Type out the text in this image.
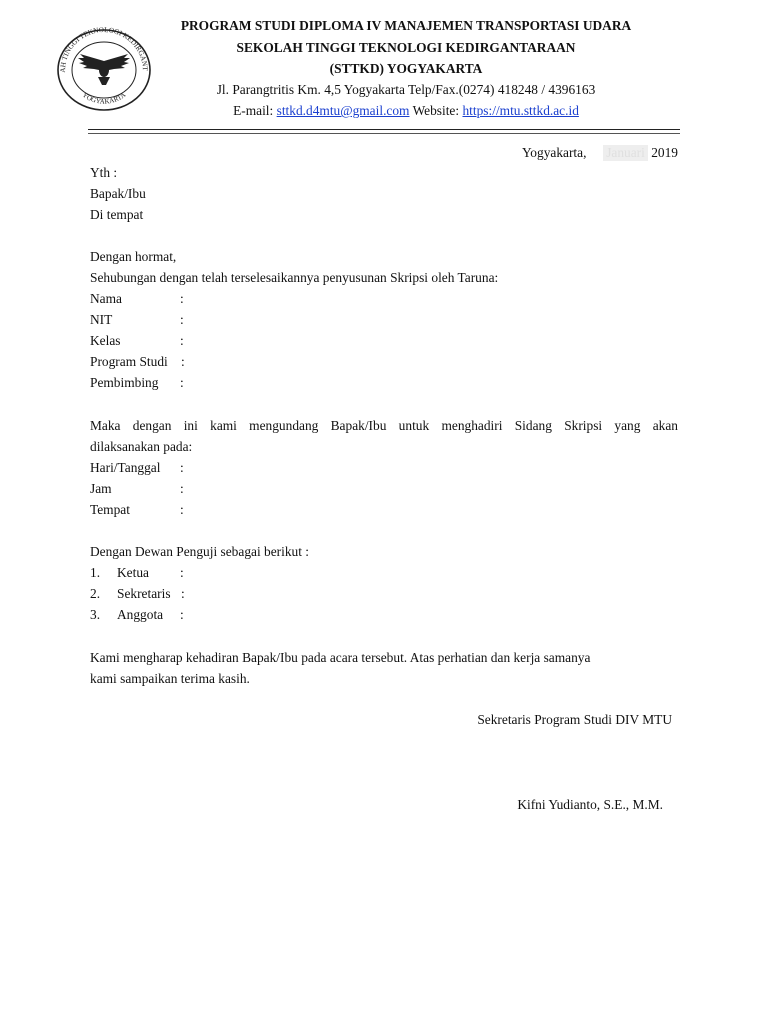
AH TINGGI TEKNOLOGI KEDIRGANT
YOGYAKARTA
PROGRAM STUDI DIPLOMA IV MANAJEMEN TRANSPORTASI UDARA
SEKOLAH TINGGI TEKNOLOGI KEDIRGANTARAAN
(STTKD) YOGYAKARTA
Jl. Parangtritis Km. 4,5 Yogyakarta Telp/Fax.(0274) 418248 / 4396163
E-mail: sttkd.d4mtu@gmail.com Website: https://mtu.sttkd.ac.id
Yogyakarta, Januari 2019
Yth :
Bapak/Ibu
Di tempat
Dengan hormat,
Sehubungan dengan telah terselesaikannya penyusunan Skripsi oleh Taruna:
Nama	:
NIT	:
Kelas	:
Program Studi :
Pembimbing :
Maka dengan ini kami mengundang Bapak/Ibu untuk menghadiri Sidang Skripsi yang akan
dilaksanakan pada:
Hari/Tanggal :
Jam	:
Tempat	:
Dengan Dewan Penguji sebagai berikut :
1. Ketua :
2. Sekretaris :
3. Anggota :
Kami mengharap kehadiran Bapak/Ibu pada acara tersebut. Atas perhatian dan kerja samanya
kami sampaikan terima kasih.
Sekretaris Program Studi DIV MTU
Kifni Yudianto, S.E., M.M.
